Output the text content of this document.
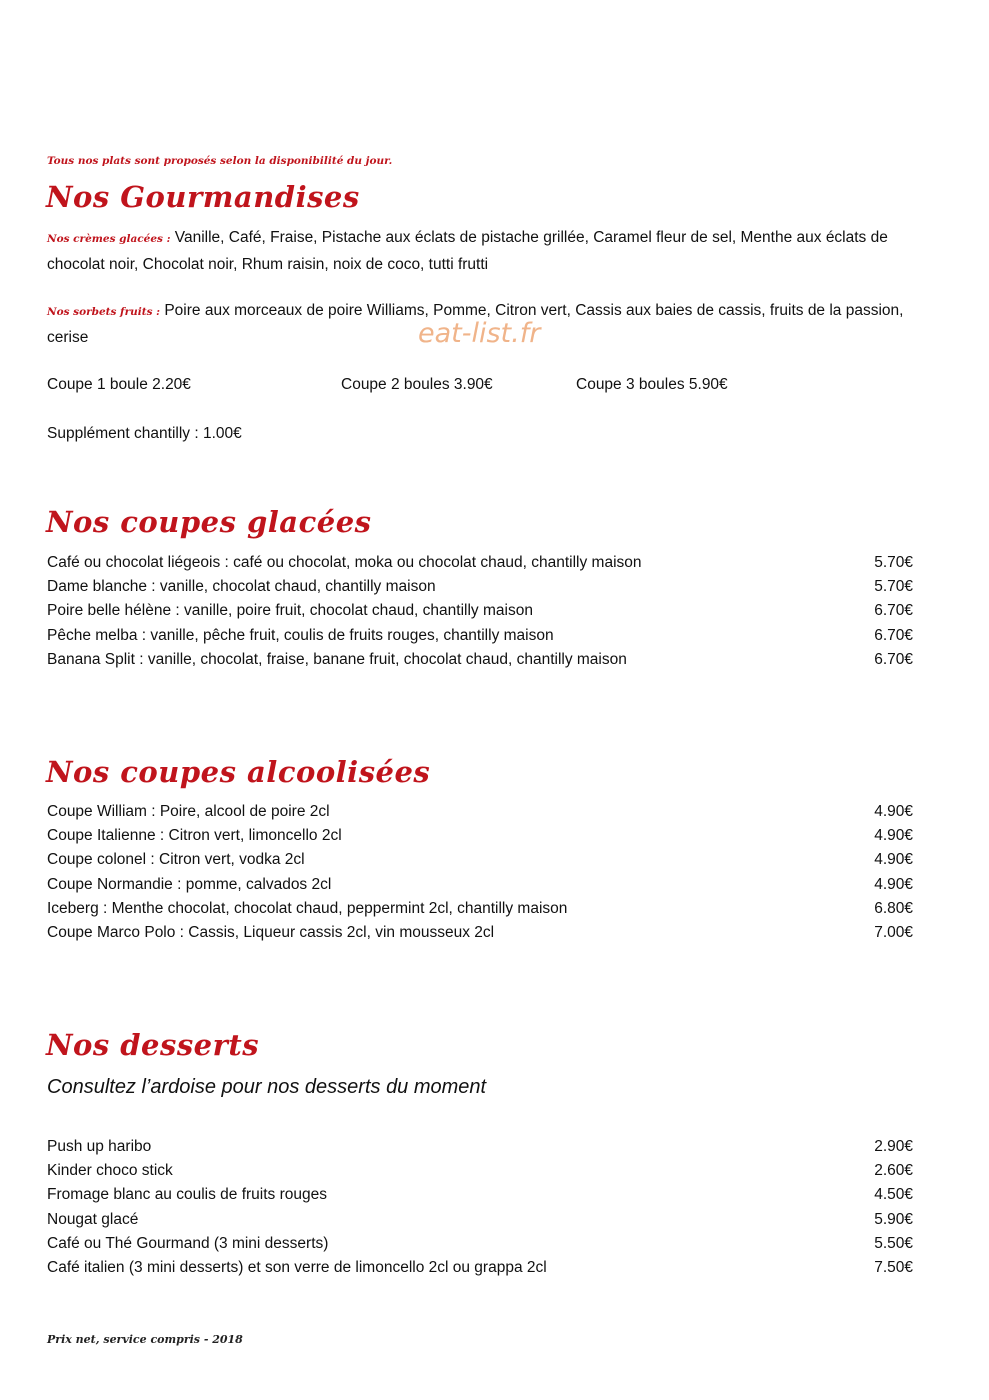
Tous nos plats sont proposés selon la disponibilité du jour.
Nos Gourmandises
Nos crèmes glacées : Vanille, Café, Fraise, Pistache aux éclats de pistache grillée, Caramel fleur de sel, Menthe aux éclats de chocolat noir, Chocolat noir, Rhum raisin, noix de coco, tutti frutti
Nos sorbets fruits : Poire aux morceaux de poire Williams, Pomme, Citron vert, Cassis aux baies de cassis, fruits de la passion, cerise	eat-list.fr
Coupe 1 boule 2.20€	Coupe 2 boules 3.90€	Coupe 3 boules 5.90€
Supplément chantilly : 1.00€
Nos coupes glacées
Café ou chocolat liégeois : café ou chocolat, moka ou chocolat chaud, chantilly maison	5.70€
Dame blanche : vanille, chocolat chaud, chantilly maison	5.70€
Poire belle hélène : vanille, poire fruit, chocolat chaud, chantilly maison	6.70€
Pêche melba : vanille, pêche fruit, coulis de fruits rouges, chantilly maison	6.70€
Banana Split : vanille, chocolat, fraise, banane fruit, chocolat chaud, chantilly maison	6.70€
Nos coupes alcoolisées
Coupe William : Poire, alcool de poire 2cl	4.90€
Coupe Italienne : Citron vert, limoncello 2cl	4.90€
Coupe colonel : Citron vert, vodka 2cl	4.90€
Coupe Normandie : pomme, calvados 2cl	4.90€
Iceberg : Menthe chocolat, chocolat chaud, peppermint 2cl, chantilly maison	6.80€
Coupe Marco Polo : Cassis, Liqueur cassis 2cl, vin mousseux 2cl	7.00€
Nos desserts
Consultez l’ardoise pour nos desserts du moment
Push up haribo	2.90€
Kinder choco stick	2.60€
Fromage blanc au coulis de fruits rouges	4.50€
Nougat glacé	5.90€
Café ou Thé Gourmand (3 mini desserts)	5.50€
Café italien (3 mini desserts) et son verre de limoncello 2cl ou grappa 2cl	7.50€
Prix net, service compris - 2018
